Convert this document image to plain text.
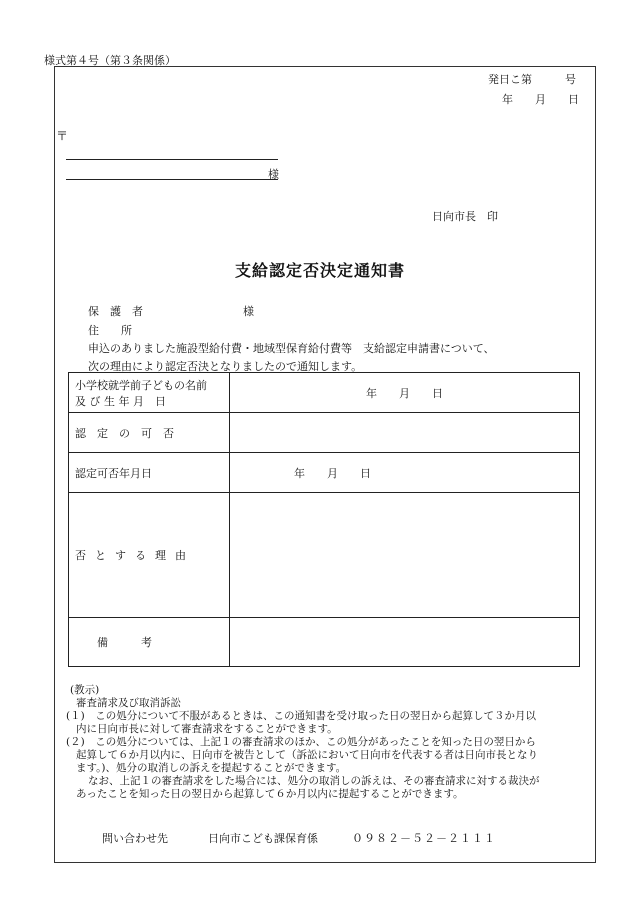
様式第４号（第３条関係）
発日こ第　　　号
年　　月　　日
〒
様
日向市長　印
支給認定否決定通知書
保　護　者	様
住　　所
申込のありました施設型給付費・地域型保育給付費等　支給認定申請書について、
次の理由により認定否決となりましたので通知します。
小学校就学前子どもの名前
及 び 生 年 月　日	年　　月　　日
認　定　の　可　否	
認定可否年月日	年　　月　　日
否とする理由	
備　　　考	
(教示)
審査請求及び取消訴訟
(１)　この処分について不服があるときは、この通知書を受け取った日の翌日から起算して３か月以
内に日向市長に対して審査請求をすることができます。
(２)　この処分については、上記１の審査請求のほか、この処分があったことを知った日の翌日から
起算して６か月以内に、日向市を被告として（訴訟において日向市を代表する者は日向市長となり
ます。)、処分の取消しの訴えを提起することができます。
なお、上記１の審査請求をした場合には、処分の取消しの訴えは、その審査請求に対する裁決が
あったことを知った日の翌日から起算して６か月以内に提起することができます。
問い合わせ先	日向市こども課保育係	０９８２－５２－２１１１
